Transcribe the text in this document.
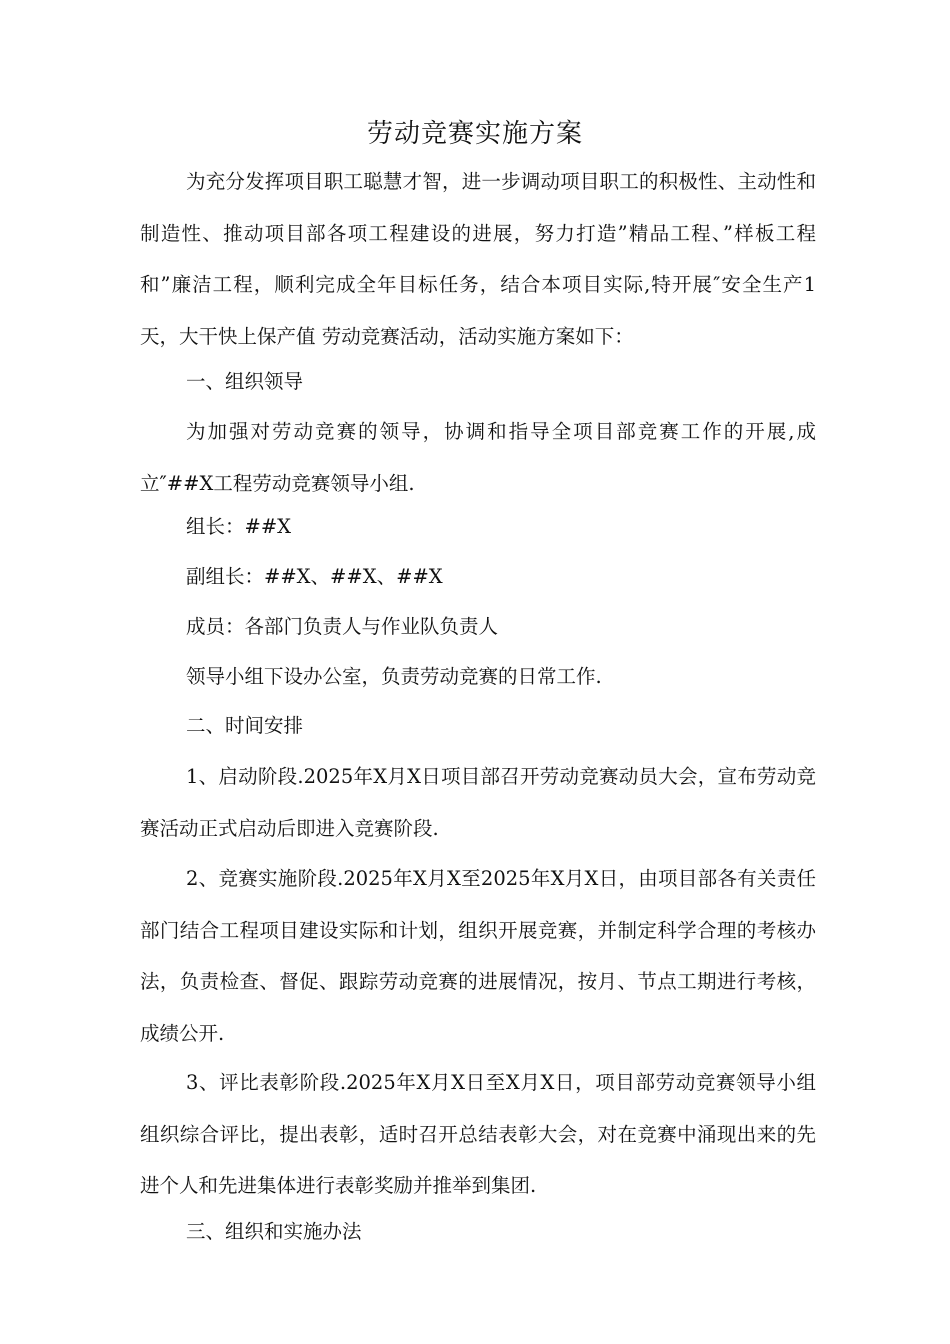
劳动竞赛实施方案

为充分发挥项目职工聪慧才智，进一步调动项目职工的积极性、主动性和制造性、推动项目部各项工程建设的进展，努力打造”精品工程、”样板工程 和”廉洁工程，顺利完成全年目标任务，结合本项目实际,特开展″安全生产1天，大干快上保产值 劳动竞赛活动，活动实施方案如下：

一、组织领导

为加强对劳动竞赛的领导，协调和指导全项目部竞赛工作的开展,成立″##X工程劳动竞赛领导小组.

组长：##X

副组长：##X、##X、##X

成员：各部门负责人与作业队负责人

领导小组下设办公室，负责劳动竞赛的日常工作.

二、时间安排

1、启动阶段.2025年X月X日项目部召开劳动竞赛动员大会，宣布劳动竞赛活动正式启动后即进入竞赛阶段.

2、竞赛实施阶段.2025年X月X至2025年X月X日，由项目部各有关责任部门结合工程项目建设实际和计划，组织开展竞赛，并制定科学合理的考核办法，负责检查、督促、跟踪劳动竞赛的进展情况，按月、节点工期进行考核，成绩公开.

3、评比表彰阶段.2025年X月X日至X月X日，项目部劳动竞赛领导小组组织综合评比，提出表彰，适时召开总结表彰大会，对在竞赛中涌现出来的先进个人和先进集体进行表彰奖励并推举到集团.

三、组织和实施办法
